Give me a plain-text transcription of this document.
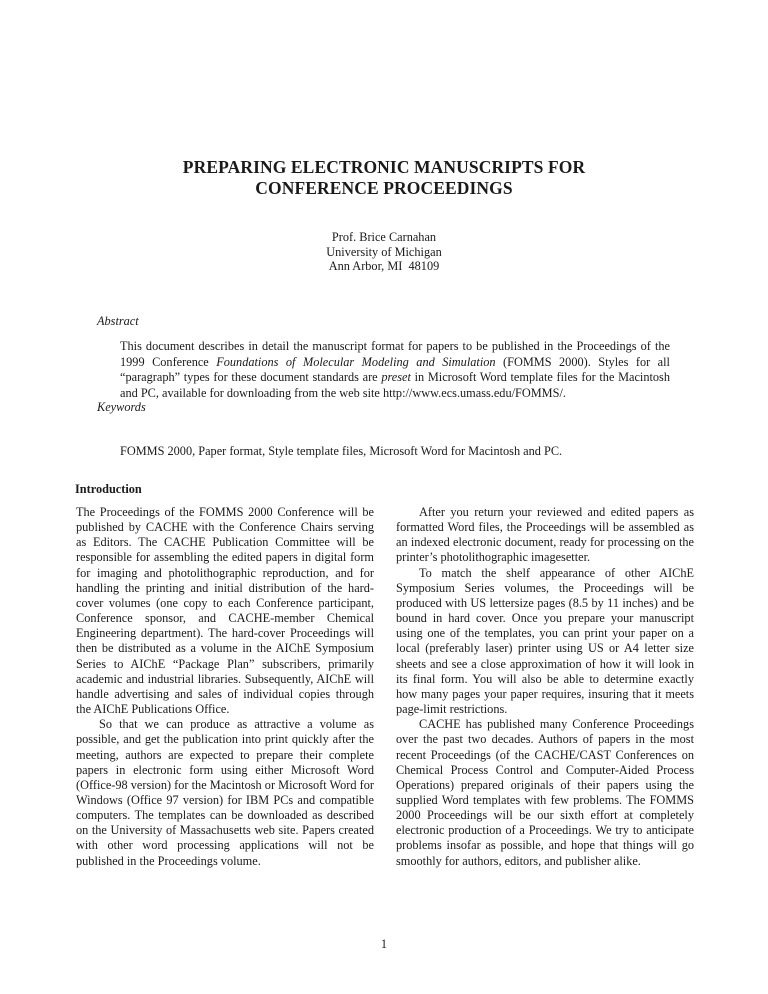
PREPARING ELECTRONIC MANUSCRIPTS FOR
CONFERENCE PROCEEDINGS
Prof. Brice Carnahan
University of Michigan
Ann Arbor, MI  48109
Abstract
This document describes in detail the manuscript format for papers to be published in the Proceedings of the 1999 Conference Foundations of Molecular Modeling and Simulation (FOMMS 2000). Styles for all “paragraph” types for these document standards are preset in Microsoft Word template files for the Macintosh and PC, available for downloading from the web site http://www.ecs.umass.edu/FOMMS/.
Keywords
FOMMS 2000, Paper format, Style template files, Microsoft Word for Macintosh and PC.
Introduction

The Proceedings of the FOMMS 2000 Conference will be published by CACHE with the Conference Chairs serving as Editors. The CACHE Publication Committee will be responsible for assembling the edited papers in digital form for imaging and photolithographic reproduction, and for handling the printing and initial distribution of the hard-cover volumes (one copy to each Conference participant, Conference sponsor, and CACHE-member Chemical Engineering department). The hard-cover Proceedings will then be distributed as a volume in the AIChE Symposium Series to AIChE “Package Plan” subscribers, primarily academic and industrial libraries. Subsequently, AIChE will handle advertising and sales of individual copies through the AIChE Publications Office.

So that we can produce as attractive a volume as possible, and get the publication into print quickly after the meeting, authors are expected to prepare their complete papers in electronic form using either Microsoft Word (Office-98 version) for the Macintosh or Microsoft Word for Windows (Office 97 version) for IBM PCs and compatible computers. The templates can be downloaded as described on the University of Massachusetts web site. Papers created with other word processing applications will not be published in the Proceedings volume.

After you return your reviewed and edited papers as formatted Word files, the Proceedings will be assembled as an indexed electronic document, ready for processing on the printer’s photolithographic imagesetter.

To match the shelf appearance of other AIChE Symposium Series volumes, the Proceedings will be produced with US lettersize pages (8.5 by 11 inches) and be bound in hard cover. Once you prepare your manuscript using one of the templates, you can print your paper on a local (preferably laser) printer using US or A4 letter size sheets and see a close approximation of how it will look in its final form. You will also be able to determine exactly how many pages your paper requires, insuring that it meets page-limit restrictions.

CACHE has published many Conference Proceedings over the past two decades. Authors of papers in the most recent Proceedings (of the CACHE/CAST Conferences on Chemical Process Control and Computer-Aided Process Operations) prepared originals of their papers using the supplied Word templates with few problems. The FOMMS 2000 Proceedings will be our sixth effort at completely electronic production of a Proceedings. We try to anticipate problems insofar as possible, and hope that things will go smoothly for authors, editors, and publisher alike.

1
